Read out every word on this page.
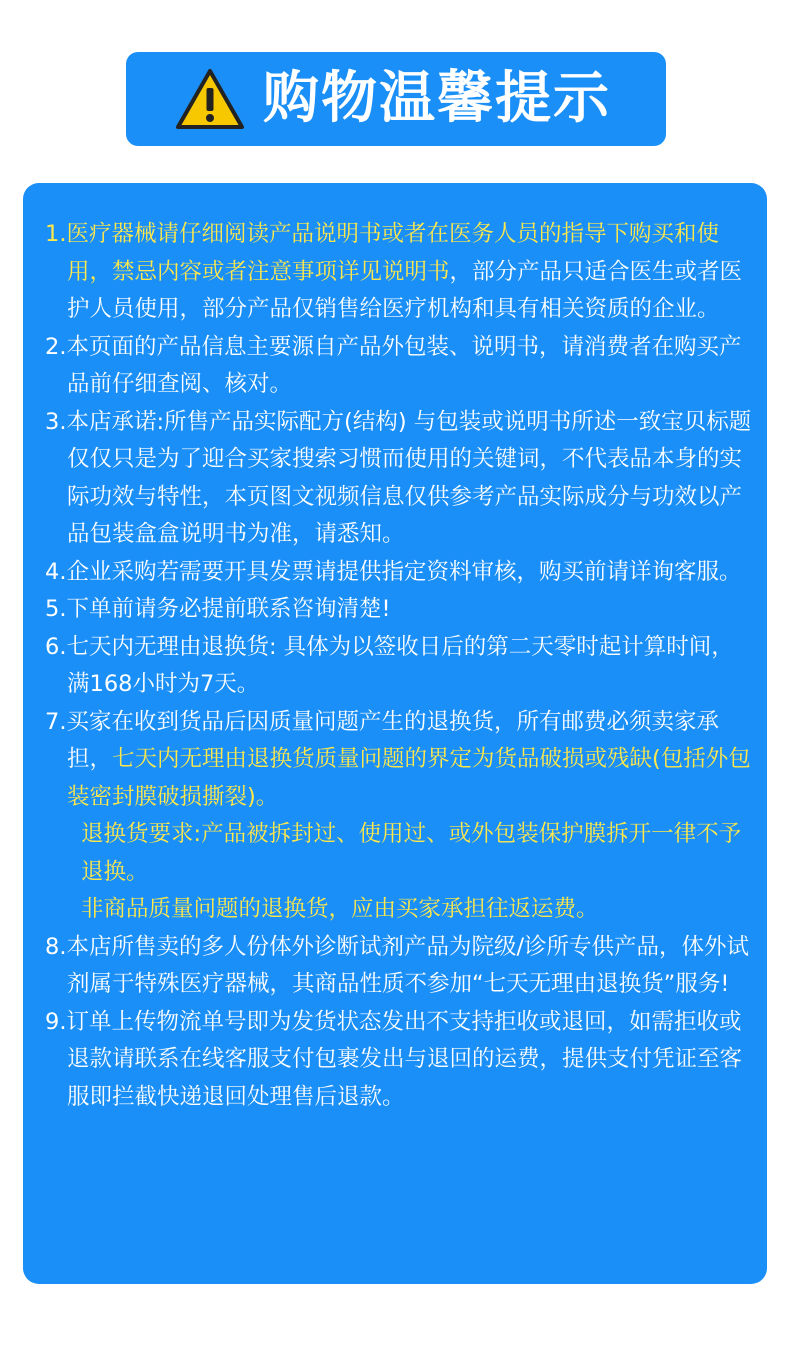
购物温馨提示
1.医疗器械请仔细阅读产品说明书或者在医务人员的指导下购买和使用，禁忌内容或者注意事项详见说明书，部分产品只适合医生或者医护人员使用，部分产品仅销售给医疗机构和具有相关资质的企业。
2.本页面的产品信息主要源自产品外包装、说明书，请消费者在购买产品前仔细查阅、核对。
3.本店承诺:所售产品实际配方(结构) 与包装或说明书所述一致宝贝标题仅仅只是为了迎合买家搜索习惯而使用的关键词，不代表品本身的实际功效与特性，本页图文视频信息仅供参考产品实际成分与功效以产品包装盒盒说明书为准，请悉知。
4.企业采购若需要开具发票请提供指定资料审核，购买前请详询客服。
5.下单前请务必提前联系咨询清楚!
6.七天内无理由退换货: 具体为以签收日后的第二天零时起计算时间，满168小时为7天。
7.买家在收到货品后因质量问题产生的退换货，所有邮费必须卖家承担，七天内无理由退换货质量问题的界定为货品破损或残缺(包括外包装密封膜破损撕裂)。
退换货要求:产品被拆封过、使用过、或外包装保护膜拆开一律不予退换。
非商品质量问题的退换货，应由买家承担往返运费。
8.本店所售卖的多人份体外诊断试剂产品为院级/诊所专供产品，体外试剂属于特殊医疗器械，其商品性质不参加“七天无理由退换货”服务!
9.订单上传物流单号即为发货状态发出不支持拒收或退回，如需拒收或退款请联系在线客服支付包裹发出与退回的运费，提供支付凭证至客服即拦截快递退回处理售后退款。
